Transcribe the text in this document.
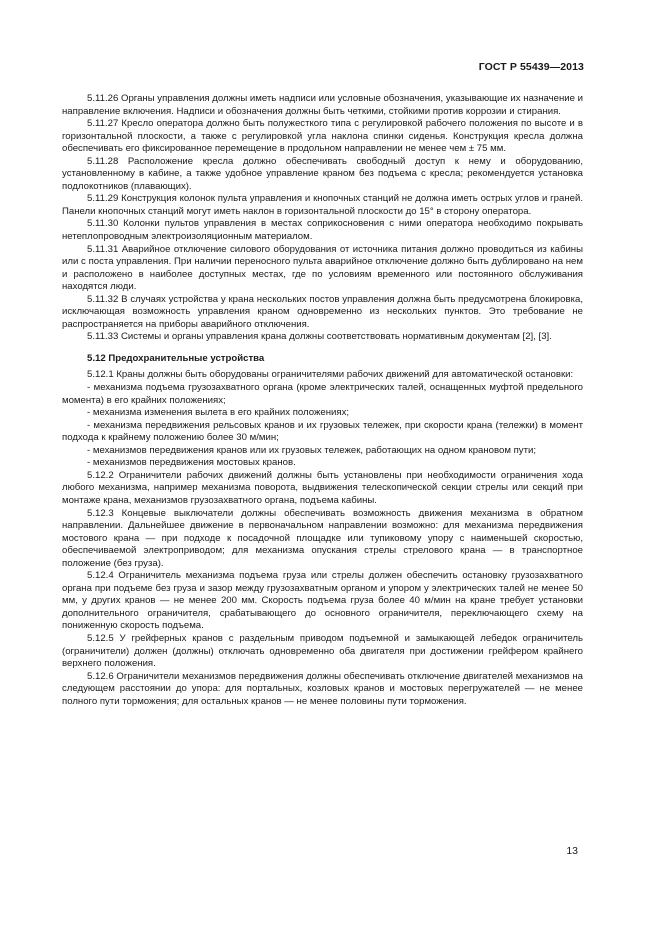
ГОСТ Р 55439—2013

5.11.26 Органы управления должны иметь надписи или условные обозначения, указывающие их назначение и направление включения. Надписи и обозначения должны быть четкими, стойкими против коррозии и стирания.

5.11.27 Кресло оператора должно быть полужесткого типа с регулировкой рабочего положения по высоте и в горизонтальной плоскости, а также с регулировкой угла наклона спинки сиденья. Конструкция кресла должна обеспечивать его фиксированное перемещение в продольном направлении не менее чем ± 75 мм.

5.11.28 Расположение кресла должно обеспечивать свободный доступ к нему и оборудованию, установленному в кабине, а также удобное управление краном без подъема с кресла; рекомендуется установка подлокотников (плавающих).

5.11.29 Конструкция колонок пульта управления и кнопочных станций не должна иметь острых углов и граней. Панели кнопочных станций могут иметь наклон в горизонтальной плоскости до 15° в сторону оператора.

5.11.30 Колонки пультов управления в местах соприкосновения с ними оператора необходимо покрывать нетеплопроводным электроизоляционным материалом.

5.11.31 Аварийное отключение силового оборудования от источника питания должно проводиться из кабины или с поста управления. При наличии переносного пульта аварийное отключение должно быть дублировано на нем и расположено в наиболее доступных местах, где по условиям временного или постоянного обслуживания находятся люди.

5.11.32 В случаях устройства у крана нескольких постов управления должна быть предусмотрена блокировка, исключающая возможность управления краном одновременно из нескольких пунктов. Это требование не распространяется на приборы аварийного отключения.

5.11.33 Системы и органы управления крана должны соответствовать нормативным документам [2], [3].

5.12 Предохранительные устройства

5.12.1 Краны должны быть оборудованы ограничителями рабочих движений для автоматической остановки:

- механизма подъема грузозахватного органа (кроме электрических талей, оснащенных муфтой предельного момента) в его крайних положениях;

- механизма изменения вылета в его крайних положениях;

- механизма передвижения рельсовых кранов и их грузовых тележек, при скорости крана (тележки) в момент подхода к крайнему положению более 30 м/мин;

- механизмов передвижения кранов или их грузовых тележек, работающих на одном крановом пути;

- механизмов передвижения мостовых кранов.

5.12.2 Ограничители рабочих движений должны быть установлены при необходимости ограничения хода любого механизма, например механизма поворота, выдвижения телескопической секции стрелы или секций при монтаже крана, механизмов грузозахватного органа, подъема кабины.

5.12.3 Концевые выключатели должны обеспечивать возможность движения механизма в обратном направлении. Дальнейшее движение в первоначальном направлении возможно: для механизма передвижения мостового крана — при подходе к посадочной площадке или тупиковому упору с наименьшей скоростью, обеспечиваемой электроприводом; для механизма опускания стрелы стрелового крана — в транспортное положение (без груза).

5.12.4 Ограничитель механизма подъема груза или стрелы должен обеспечить остановку грузозахватного органа при подъеме без груза и зазор между грузозахватным органом и упором у электрических талей не менее 50 мм, у других кранов — не менее 200 мм. Скорость подъема груза более 40 м/мин на кране требует установки дополнительного ограничителя, срабатывающего до основного ограничителя, переключающего схему на пониженную скорость подъема.

5.12.5 У грейферных кранов с раздельным приводом подъемной и замыкающей лебедок ограничитель (ограничители) должен (должны) отключать одновременно оба двигателя при достижении грейфером крайнего верхнего положения.

5.12.6 Ограничители механизмов передвижения должны обеспечивать отключение двигателей механизмов на следующем расстоянии до упора: для портальных, козловых кранов и мостовых перегружателей — не менее полного пути торможения; для остальных кранов — не менее половины пути торможения.

13
